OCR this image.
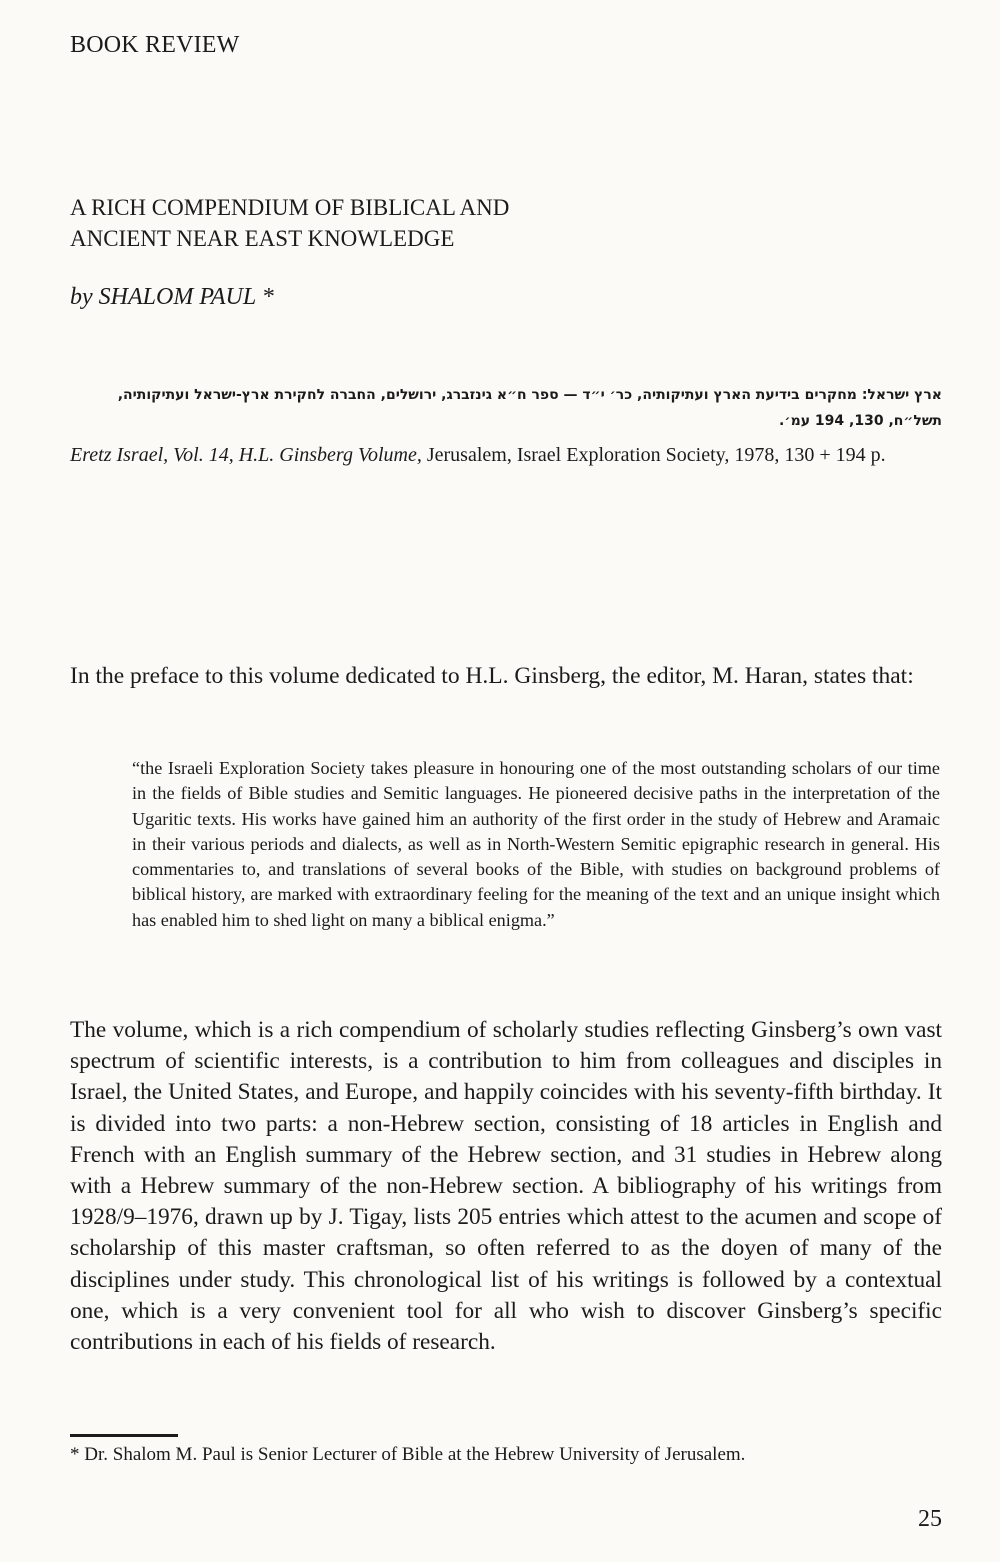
BOOK REVIEW
A RICH COMPENDIUM OF BIBLICAL AND
ANCIENT NEAR EAST KNOWLEDGE
by SHALOM PAUL *

ארץ ישראל: מחקרים בידיעת הארץ ועתיקותיה, כר׳ י״ד — ספר ח״א גינזברג, ירושלים, החברה לחקירת ארץ-ישראל ועתיקותיה, תשל״ח, 130, 194 עמ׳.

Eretz Israel, Vol. 14, H.L. Ginsberg Volume, Jerusalem, Israel Exploration Society, 1978, 130 + 194 p.

In the preface to this volume dedicated to H.L. Ginsberg, the editor, M. Haran, states that:

“the Israeli Exploration Society takes pleasure in honouring one of the most outstanding scholars of our time in the fields of Bible studies and Semitic languages. He pioneered decisive paths in the interpretation of the Ugaritic texts. His works have gained him an authority of the first order in the study of Hebrew and Aramaic in their various periods and dialects, as well as in North-Western Semitic epigraphic research in general. His commentaries to, and translations of several books of the Bible, with studies on background problems of biblical history, are marked with extraordinary feeling for the meaning of the text and an unique insight which has enabled him to shed light on many a biblical enigma.”

The volume, which is a rich compendium of scholarly studies reflecting Ginsberg’s own vast spectrum of scientific interests, is a contribution to him from colleagues and disciples in Israel, the United States, and Europe, and happily coincides with his seventy-fifth birthday. It is divided into two parts: a non-Hebrew section, consisting of 18 articles in English and French with an English summary of the Hebrew section, and 31 studies in Hebrew along with a Hebrew summary of the non-Hebrew section. A bibliography of his writings from 1928/9–1976, drawn up by J. Tigay, lists 205 entries which attest to the acumen and scope of scholarship of this master craftsman, so often referred to as the doyen of many of the disciplines under study. This chronological list of his writings is followed by a contextual one, which is a very convenient tool for all who wish to discover Ginsberg’s specific contributions in each of his fields of research.

* Dr. Shalom M. Paul is Senior Lecturer of Bible at the Hebrew University of Jerusalem.

25
